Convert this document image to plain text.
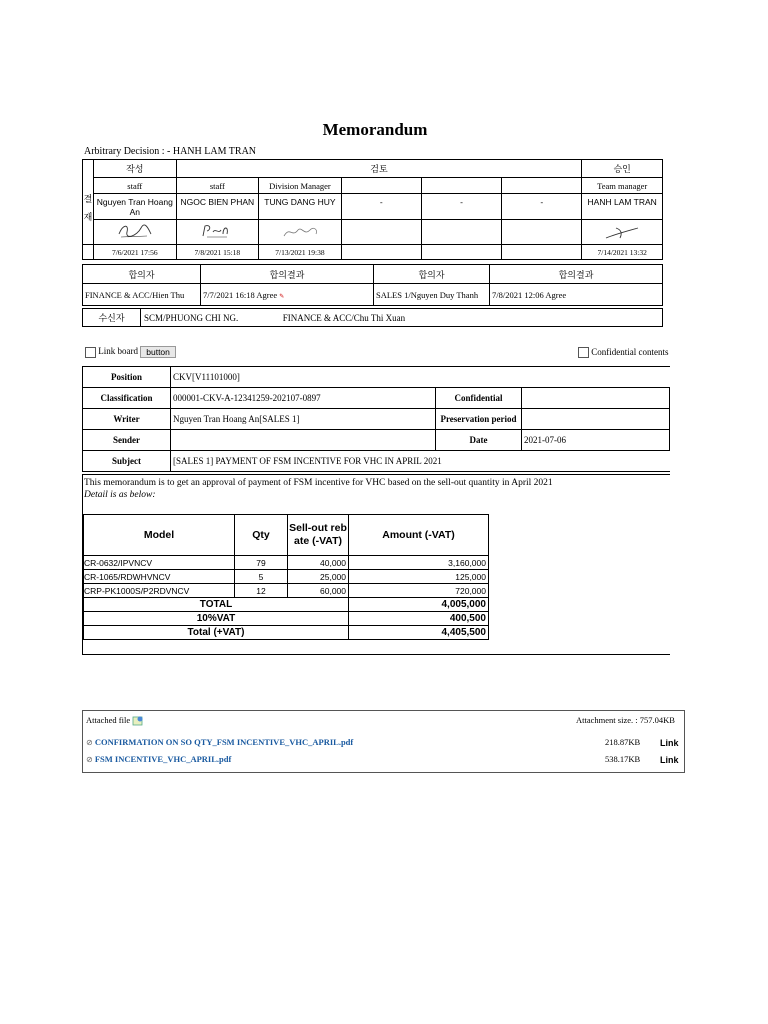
Memorandum
Arbitrary Decision : - HANH LAM TRAN
결
재	작성	검토					승인
	staff	staff	Division Manager				Team manager
	Nguyen Tran Hoang An	NGOC BIEN PHAN	TUNG DANG HUY	-	-	-	HANH LAM TRAN

	7/6/2021 17:56	7/8/2021 15:18	7/13/2021 19:38				7/14/2021 13:32
합의자	합의결과	합의자	합의결과
FINANCE & ACC/Hien Thu	7/7/2021 16:18 Agree ✎	SALES 1/Nguyen Duy Thanh	7/8/2021 12:06 Agree
수신자	SCM/PHUONG CHI NG.	FINANCE & ACC/Chu Thi Xuan
Link board button	Confidential contents
Position	CKV[V11101000]		
Classification	000001-CKV-A-12341259-202107-0897	Confidential	
Writer	Nguyen Tran Hoang An[SALES 1]	Preservation period	
Sender		Date	2021-07-06
Subject	[SALES 1] PAYMENT OF FSM INCENTIVE FOR VHC IN APRIL 2021		
This memorandum is to get an approval of payment of FSM incentive for VHC based on the sell-out quantity in April 2021
Detail is as below:
Model	Qty	Sell-out reb ate (-VAT)	Amount (-VAT)
CR-0632/IPVNCV	79	40,000	3,160,000
CR-1065/RDWHVNCV	5	25,000	125,000
CRP-PK1000S/P2RDVNCV	12	60,000	720,000
TOTAL			4,005,000
10%VAT			400,500
Total (+VAT)			4,405,500
Attached file	Attachment size. : 757.04KB
⊘ CONFIRMATION ON SO QTY_FSM INCENTIVE_VHC_APRIL.pdf	218.87KB Link
⊘ FSM INCENTIVE_VHC_APRIL.pdf	538.17KB Link
